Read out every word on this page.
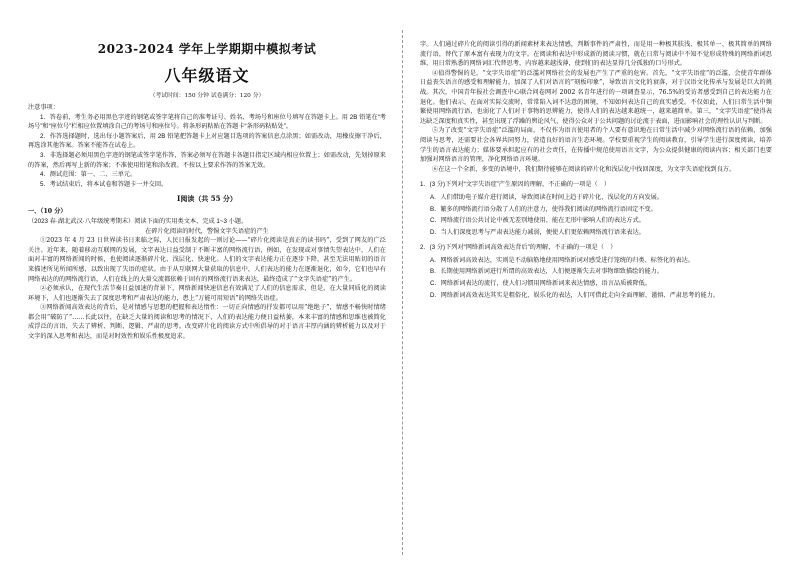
2023-2024 学年上学期期中模拟考试

八年级语文

（考试时间：150 分钟 试卷满分：120 分）

注意事项：

1．答卷前，考生务必用黑色字迹的钢笔或签字笔将自己的准考证号、姓名、考场号和座位号填写在答题卡上。用 2B 铅笔在“考场号”和“座位号”栏相应位置填涂自己的考场号和座位号。将条形码粘贴在答题卡“条形码粘贴处”。

2．作答选择题时，选出每小题答案后，用 2B 铅笔把答题卡上对应题目选项的答案信息点涂黑；如需改动，用橡皮擦干净后，再选涂其他答案。答案不能答在试卷上。

3．非选择题必须用黑色字迹的钢笔或签字笔作答，答案必须写在答题卡各题目指定区域内相应位置上；如需改动，先划掉原来的答案，然后再写上新的答案；不准使用铅笔和涂改液。不按以上要求作答的答案无效。

4．测试范围：第一、二、三单元。

5．考试结束后，将本试卷和答题卡一并交回。

Ⅰ阅读（共 55 分）

一、（10 分）

（2023 春·湖北武汉·八年级统考期末）阅读下面的实用类文本，完成 1~3 小题。

在碎片化阅读的时代，警惕文字失语症的产生

①2023 年 4 月 23 日世界读书日来临之际，人民日报发起的一则讨论——“碎片化阅读是真正的读书吗”，受到了网友的广泛关注。近年来，随着移动互联网的发展，文字表达日益受制于不断丰富的网络流行语，例如，在发现或对事情失望表达中，人们在面对丰富的网络新闻的时候，也使阅读逐渐碎片化、浅层化、快速化。人们的文字表达能力正在逐步下降，甚至无法用贴切的语言来描述所见所闻所感，以致出现了失语的症状。由于从互联网大量获取的信息中，人们表达的能力在逐渐退化，如今，它们也早有网络表达的的网络流行语，人们在线上的大量交流都依赖于固有的网络流行语来表达，最终造成了“文字失语症”的产生。

②必须承认，在现代生活节奏日益加速的背景下，网络新闻快速信息有效满足了人们的信息需求，但是，在大量同质化的阅读环境下，人们也逐渐失去了深度思考和严肃表达的能力，患上“万能可用短语”的网络失语症。

③网络新闻高效表达的背后，是对情感与思想的把握和表达惰性：一切正向情感的抒发都可以用“绝绝子”，情感不畅快时情绪都会用“破防了”……长此以往，在缺乏大量的阅读和思考的情况下，人们的表达能力便日益枯萎，本来丰富的情感和思维也被简化成浮泛的言语，失去了辨析、判断、逻辑、严肃的思考。改变碎片化的阅读方式中所倡导的对于语言丰厚内涵的辨析能力以及对于文字的深入思考和表达，而是对时效性和娱乐性极度追求。

字。人们通过碎片化的阅读引得的新闻素材来表达情感，判断事件的严肃性，而是用一种极其肤浅、极其单一、极其简单的网络流行语，替代了原本富有表现力的文字。在阅读和表达中形成新的阅读习惯，就在日常与阅读中不知不觉形成特殊的网络新词思维，用日常熟悉的网络词汇代替思考，内容越来越浅薄，使到们的表达显得几分孤独的口号形式。

④值得警惕的是，“文字失语症”的泛滥对网络社会的发展也产生了严重的危害。首先，“文字失语症”的泛滥，会使青年群体日益丧失语言的感受和理解能力，加深了人们对语言的“刻板印象”，导致语言文化的衰落，对于汉语文化传承与发展是巨大的挑战。其次，中国青年报社会调查中心联合问卷网对 2002 名青年进行的一项调查显示，76.5%的受访者感受到自己的表达能力在退化。他们表示，在面对实际交流时，常常陷入词不达意的困境，不知如何表达自己的真实感受。不仅如此，人们日常生活中频繁使用网络流行语，也弱化了人们对于事物的思辨能力，使得人们的表达越来越统一，越来越简单。第三，“文字失语症”使得表达缺乏深度和真实性，甚至出现了浮躁的舆论风气，使得公众对于公共问题的讨论流于表面，进而影响社会的理性认识与判断。

⑤为了改变“文字失语症”泛滥的局面，不仅作为语言使用者的个人要有意识地在日常生活中减少对网络流行语的依赖，加强阅读与思考，还需要社会各界共同努力，营造良好的语言生态环境。学校要重视学生的阅读教育，引导学生进行深度阅读，培养学生的语言表达能力；媒体要承担起应有的社会责任，在传播中规范使用语言文字，为公众提供健康的阅读内容；相关部门也要加强对网络语言的管理，净化网络语言环境。

⑥在这一个全新、多变的语境中，我们期待能够在阅读的碎片化和浅层化中找回深度，为文字失语症找到良方。

1．(3 分)下列对“文字失语症”产生原因的理解，不正确的一项是（　）

A．人们借助电子媒介进行阅读，导致阅读在时间上趋于碎片化、浅层化的方向发展。

B．繁多的网络流行语分散了人们的注意力，使得我们阅读的网络流行语固定不变。

C．网络流行语公共讨论中被无差别地使用，能在无形中影响人们的表达方式。

D．当人们深度思考与严肃表达能力减弱，便使人们更依赖网络流行语来表达。

2．(3 分)下列对“网络新词高效表达背后”的理解，不正确的一项是（　）

A．网络新词高效表达，实则是不动脑筋地使用网络新词对感受进行笼统的归类、标签化的表达。

B．长期使用网络新词进行所谓的高效表达，人们便逐渐失去对事物细致描绘的能力。

C．网络新词表达的流行，使人们习惯用网络新词来表达情感，语言品质被降低。

D．网络新词高效表达其实是粗俗化、娱乐化的表达，人们可借此走向全面理解、谨慎、严肃思考的能力。
